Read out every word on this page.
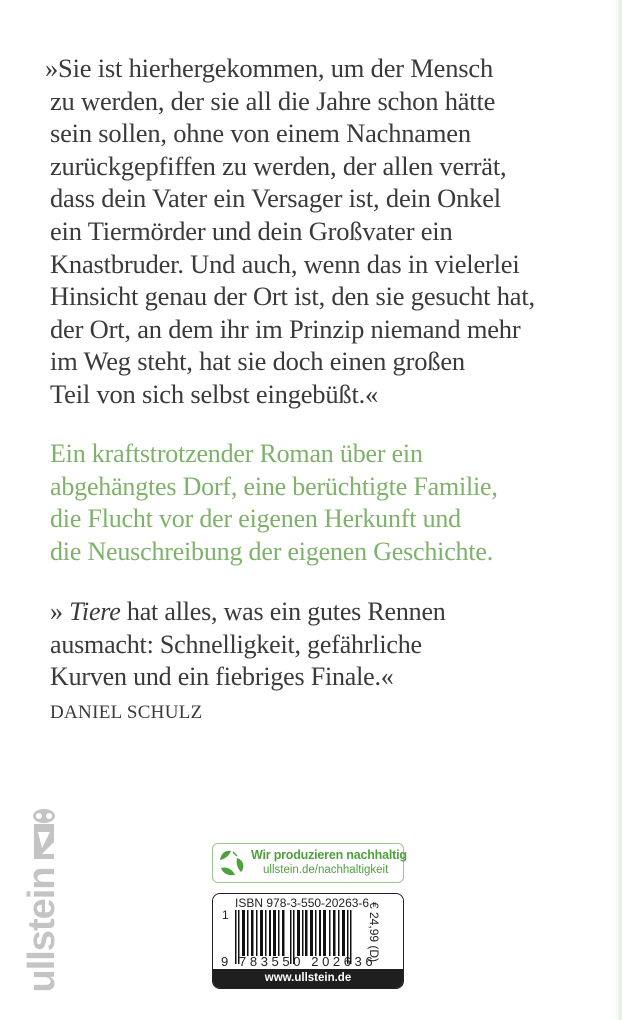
»Sie ist hierhergekommen, um der Mensch
zu werden, der sie all die Jahre schon hätte
sein sollen, ohne von einem Nachnamen
zurückgepfiffen zu werden, der allen verrät,
dass dein Vater ein Versager ist, dein Onkel
ein Tiermörder und dein Großvater ein
Knastbruder. Und auch, wenn das in vielerlei
Hinsicht genau der Ort ist, den sie gesucht hat,
der Ort, an dem ihr im Prinzip niemand mehr
im Weg steht, hat sie doch einen großen
Teil von sich selbst eingebüßt.«
Ein kraftstrotzender Roman über ein
abgehängtes Dorf, eine berüchtigte Familie,
die Flucht vor der eigenen Herkunft und
die Neuschreibung der eigenen Geschichte.
» Tiere hat alles, was ein gutes Rennen
ausmacht: Schnelligkeit, gefährliche
Kurven und ein fiebriges Finale.«
DANIEL SCHULZ
ullstein
Wir produzieren nachhaltig
ullstein.de/nachhaltigkeit
ISBN 978-3-550-20263-6
1
9 783550 202636
€ 24,99 (D)
www.ullstein.de
